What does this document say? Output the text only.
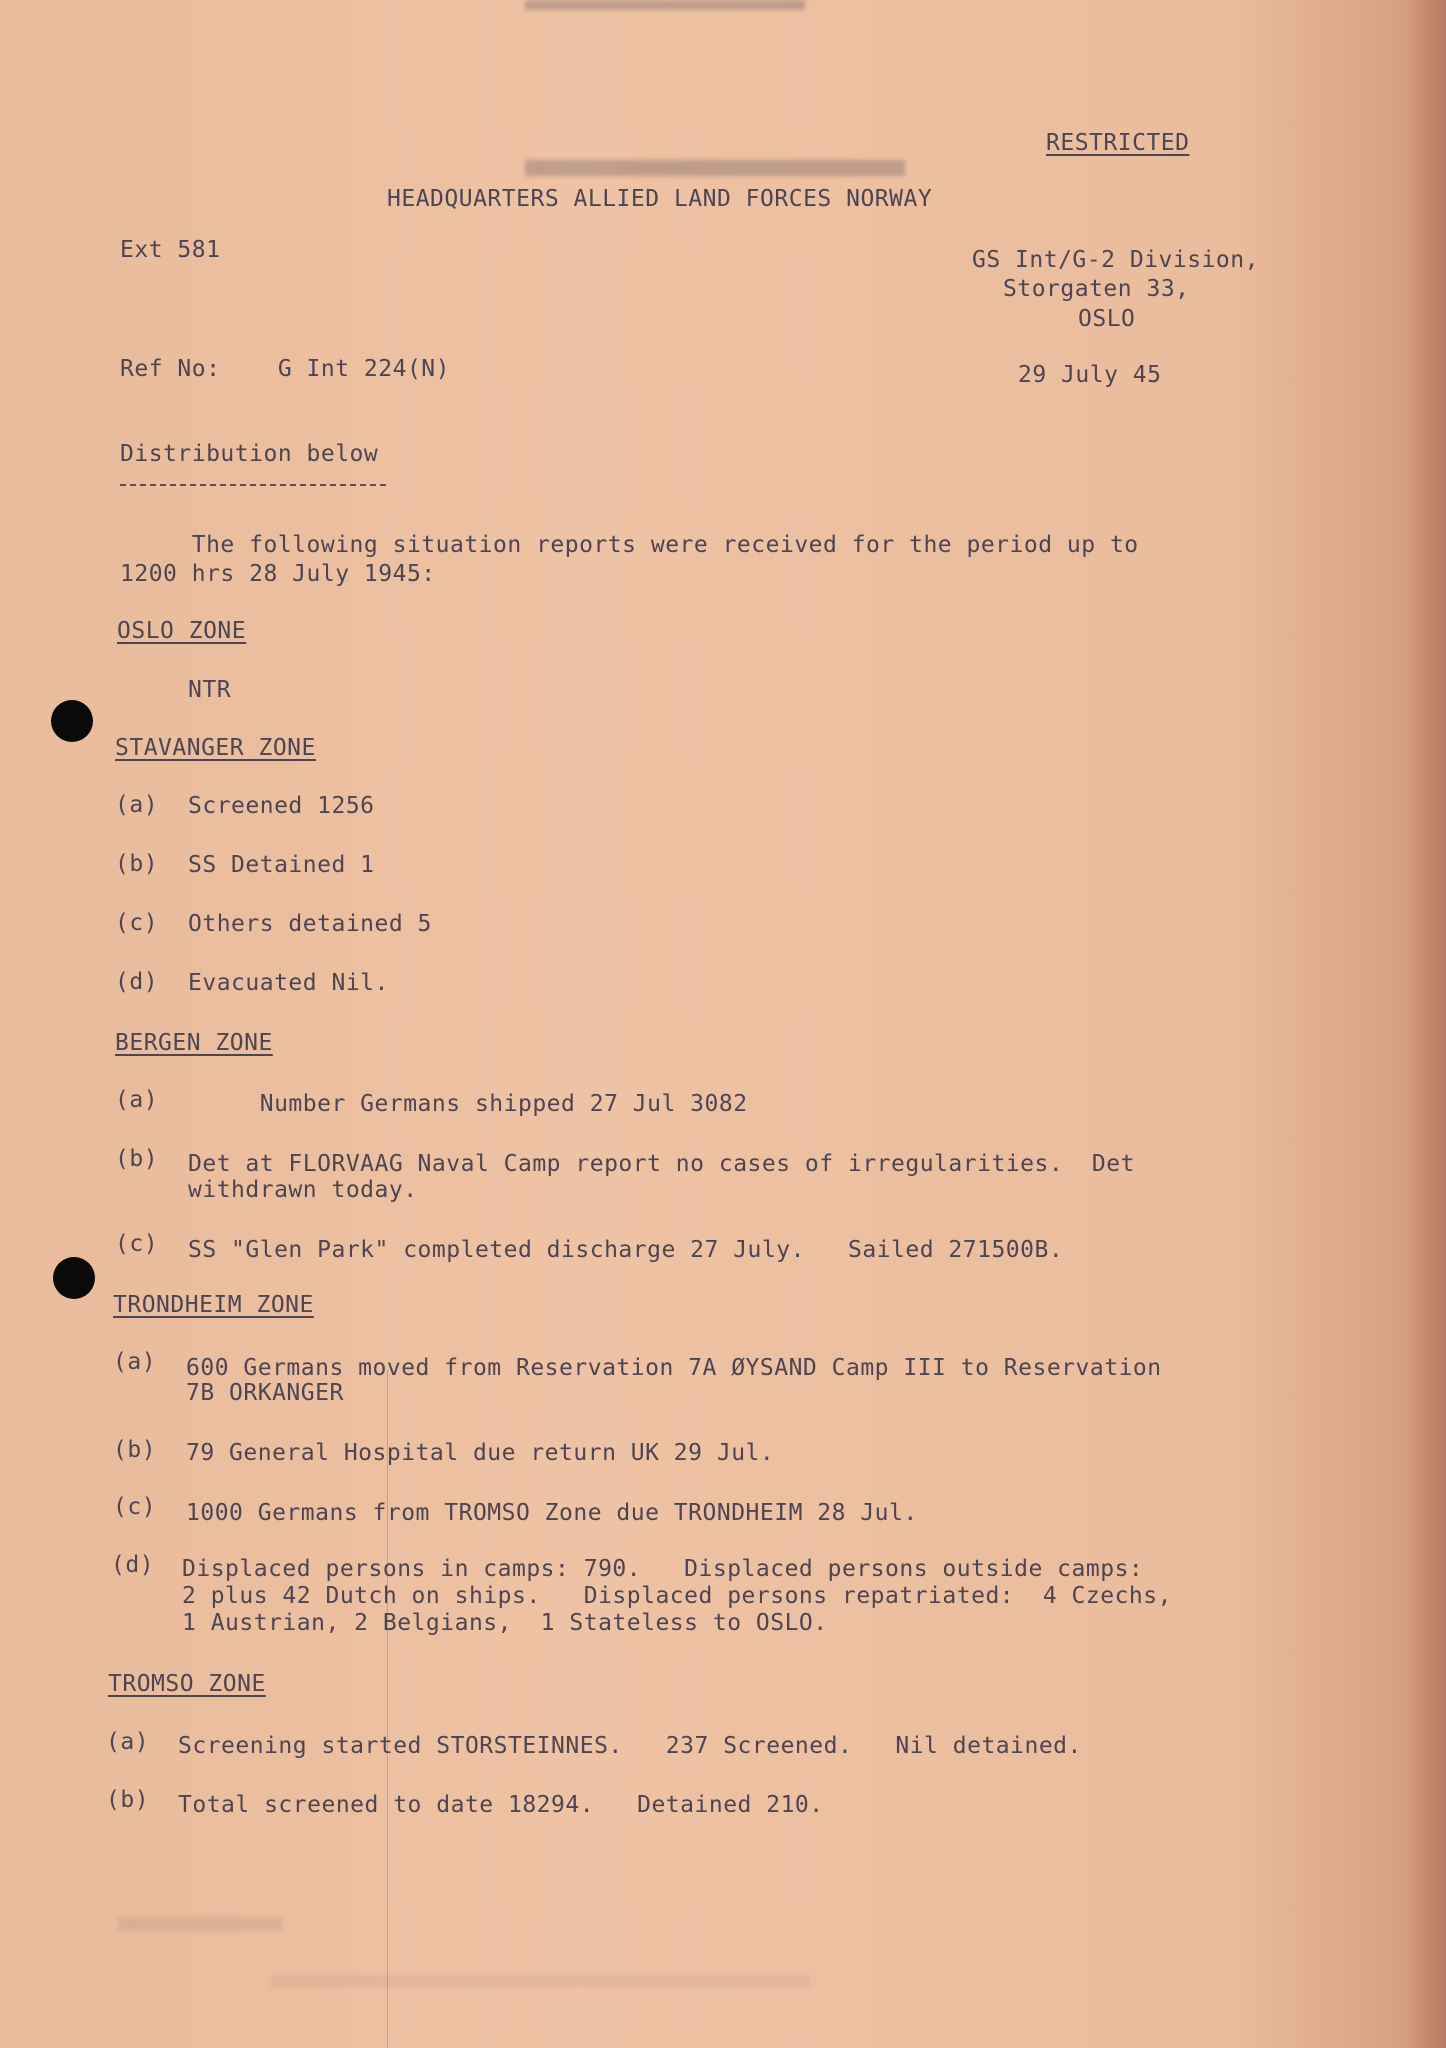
RESTRICTED
HEADQUARTERS ALLIED LAND FORCES NORWAY
Ext 581	GS Int/G-2 Division,
Storgaten 33,
OSLO
Ref No:    G Int 224(N)	29 July 45
Distribution below
The following situation reports were received for the period up to
1200 hrs 28 July 1945:
OSLO ZONE
NTR
STAVANGER ZONE
(a) Screened 1256
(b) SS Detained 1
(c) Others detained 5
(d) Evacuated Nil.
BERGEN ZONE
(a) Number Germans shipped 27 Jul 3082
(b) Det at FLORVAAG Naval Camp report no cases of irregularities.  Det
withdrawn today.
(c) SS "Glen Park" completed discharge 27 July.   Sailed 271500B.
TRONDHEIM ZONE
(a) 600 Germans moved from Reservation 7A ØYSAND Camp III to Reservation
7B ORKANGER
(b) 79 General Hospital due return UK 29 Jul.
(c) 1000 Germans from TROMSO Zone due TRONDHEIM 28 Jul.
(d) Displaced persons in camps: 790.   Displaced persons outside camps:
2 plus 42 Dutch on ships.   Displaced persons repatriated:  4 Czechs,
1 Austrian, 2 Belgians,  1 Stateless to OSLO.
TROMSO ZONE
(a) Screening started STORSTEINNES.   237 Screened.   Nil detained.
(b) Total screened to date 18294.   Detained 210.
